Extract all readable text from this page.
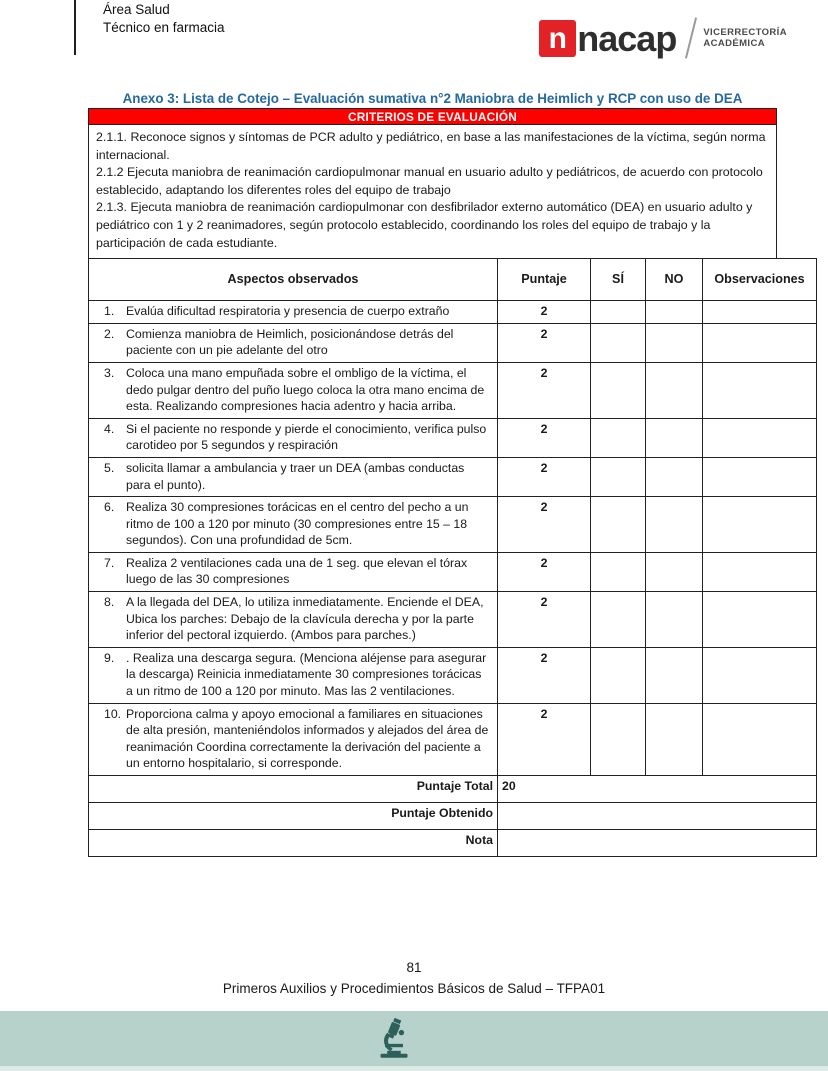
Área Salud
Técnico en farmacia	n nacap	VICERRECTORÍA
ACADÉMICA
Anexo 3: Lista de Cotejo – Evaluación sumativa n°2 Maniobra de Heimlich y RCP con uso de DEA
CRITERIOS DE EVALUACIÓN

2.1.1. Reconoce signos y síntomas de PCR adulto y pediátrico, en base a las manifestaciones de la víctima, según norma internacional.

2.1.2 Ejecuta maniobra de reanimación cardiopulmonar manual en usuario adulto y pediátricos, de acuerdo con protocolo establecido, adaptando los diferentes roles del equipo de trabajo

2.1.3. Ejecuta maniobra de reanimación cardiopulmonar con desfibrilador externo automático (DEA) en usuario adulto y pediátrico con 1 y 2 reanimadores, según protocolo establecido, coordinando los roles del equipo de trabajo y la participación de cada estudiante.

Aspectos observados	Puntaje	SÍ	NO	Observaciones

1. Evalúa dificultad respiratoria y presencia de cuerpo extraño	2			

2. Comienza maniobra de Heimlich, posicionándose detrás del paciente con un pie adelante del otro	2			

3. Coloca una mano empuñada sobre el ombligo de la víctima, el dedo pulgar dentro del puño luego coloca la otra mano encima de esta. Realizando compresiones hacia adentro y hacia arriba.	2			

4. Si el paciente no responde y pierde el conocimiento, verifica pulso carotideo por 5 segundos y respiración	2			

5. solicita llamar a ambulancia y traer un DEA (ambas conductas para el punto).	2			

6. Realiza 30 compresiones torácicas en el centro del pecho a un ritmo de 100 a 120 por minuto (30 compresiones entre 15 – 18 segundos). Con una profundidad de 5cm.	2			

7. Realiza 2 ventilaciones cada una de 1 seg. que elevan el tórax luego de las 30 compresiones	2			

8. A la llegada del DEA, lo utiliza inmediatamente. Enciende el DEA, Ubica los parches: Debajo de la clavícula derecha y por la parte inferior del pectoral izquierdo. (Ambos para parches.)	2			

9. . Realiza una descarga segura. (Menciona aléjense para asegurar la descarga) Reinicia inmediatamente 30 compresiones torácicas a un ritmo de 100 a 120 por minuto. Mas las 2 ventilaciones.	2			

10. Proporciona calma y apoyo emocional a familiares en situaciones de alta presión, manteniéndolos informados y alejados del área de reanimación Coordina correctamente la derivación del paciente a un entorno hospitalario, si corresponde.	2			
Puntaje Total	20			
Puntaje Obtenido				
Nota				
81
Primeros Auxilios y Procedimientos Básicos de Salud – TFPA01
